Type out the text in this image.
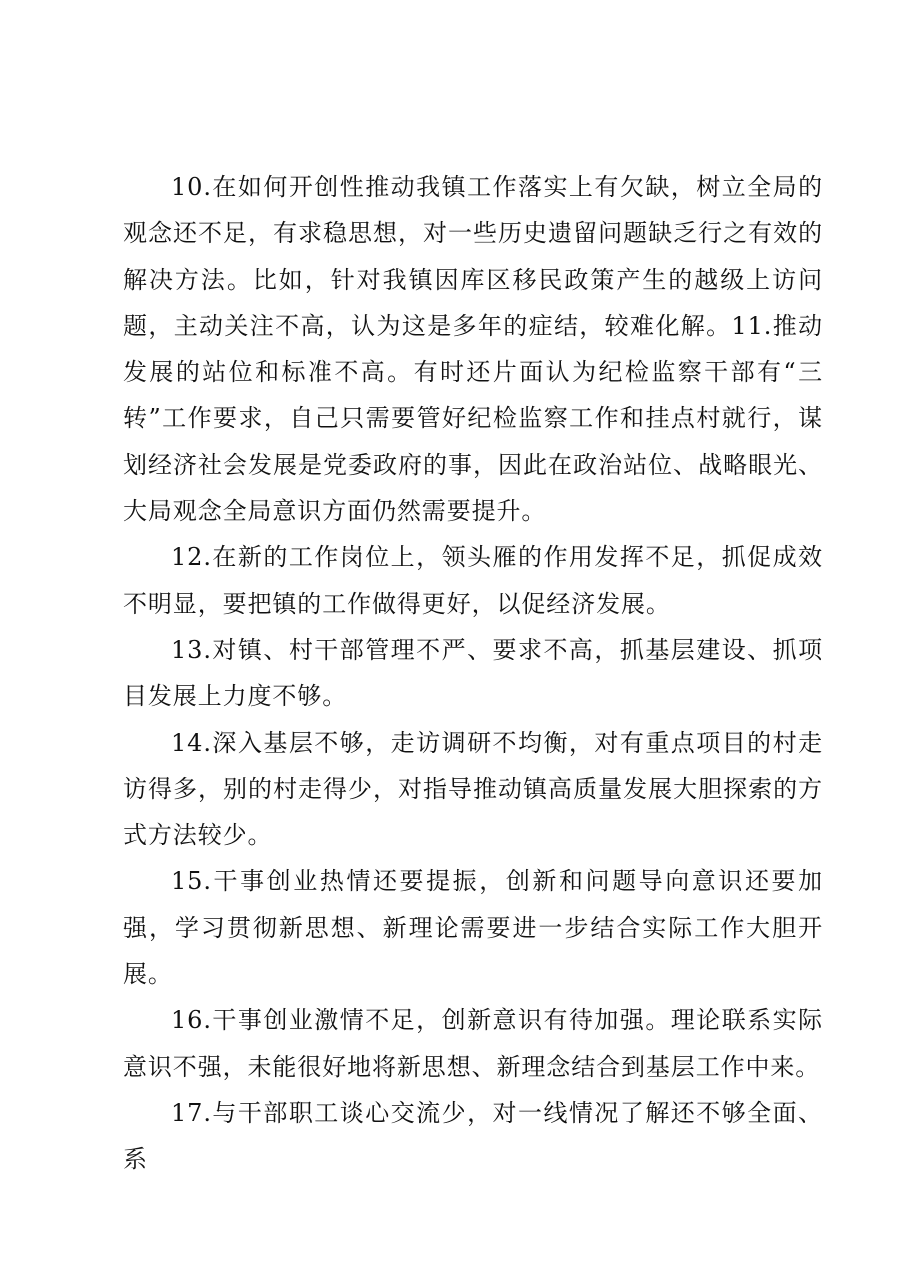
10.在如何开创性推动我镇工作落实上有欠缺，树立全局的观念还不足，有求稳思想，对一些历史遗留问题缺乏行之有效的解决方法。比如，针对我镇因库区移民政策产生的越级上访问题，主动关注不高，认为这是多年的症结，较难化解。11.推动发展的站位和标准不高。有时还片面认为纪检监察干部有“三转”工作要求，自己只需要管好纪检监察工作和挂点村就行，谋划经济社会发展是党委政府的事，因此在政治站位、战略眼光、大局观念全局意识方面仍然需要提升。

12.在新的工作岗位上，领头雁的作用发挥不足，抓促成效不明显，要把镇的工作做得更好，以促经济发展。

13.对镇、村干部管理不严、要求不高，抓基层建设、抓项目发展上力度不够。

14.深入基层不够，走访调研不均衡，对有重点项目的村走访得多，别的村走得少，对指导推动镇高质量发展大胆探索的方式方法较少。

15.干事创业热情还要提振，创新和问题导向意识还要加强，学习贯彻新思想、新理论需要进一步结合实际工作大胆开展。

16.干事创业激情不足，创新意识有待加强。理论联系实际意识不强，未能很好地将新思想、新理念结合到基层工作中来。

17.与干部职工谈心交流少，对一线情况了解还不够全面、系
